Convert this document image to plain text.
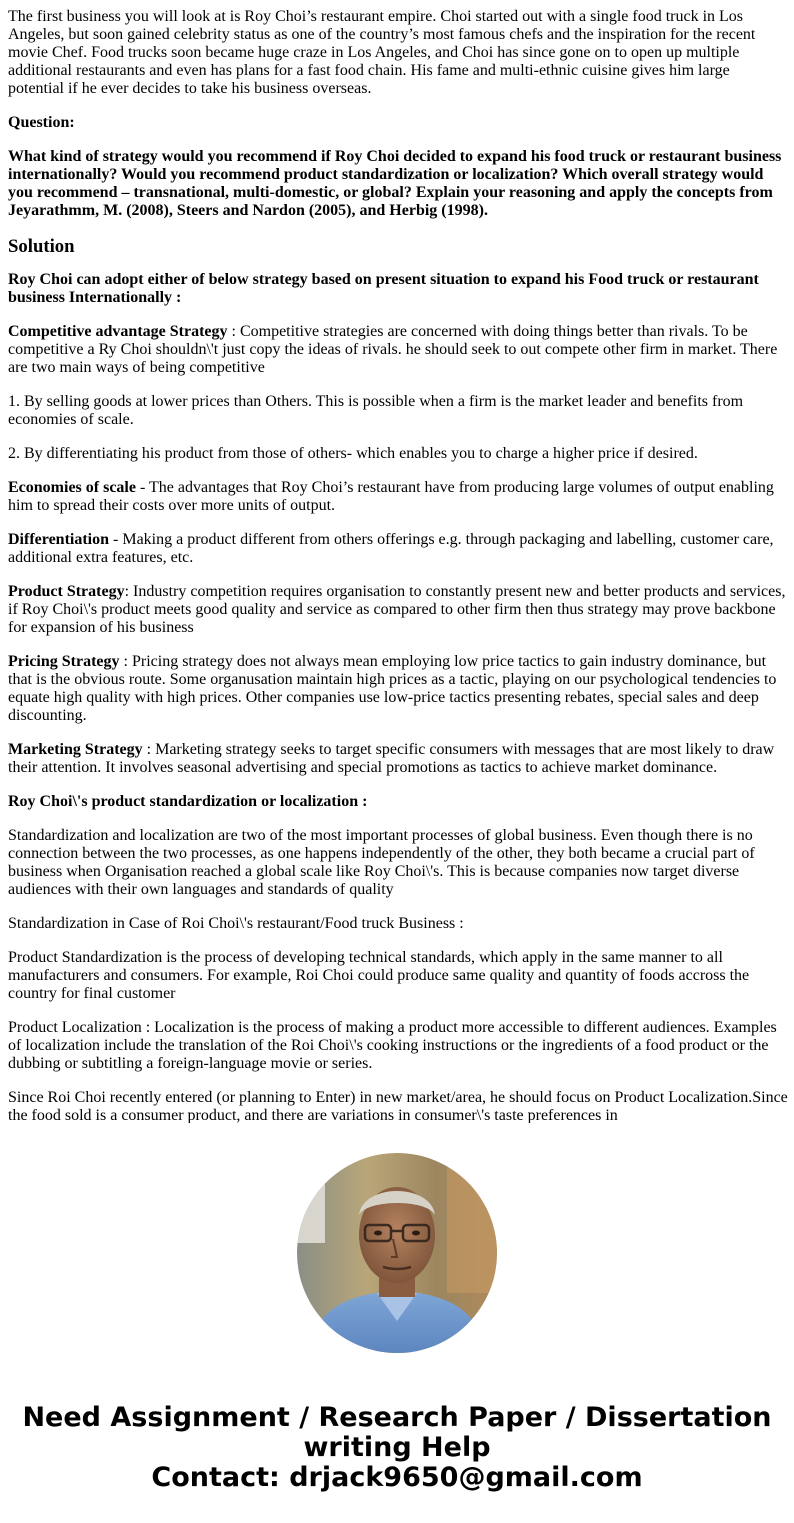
The first business you will look at is Roy Choi’s restaurant empire. Choi started out with a single food truck in Los Angeles, but soon gained celebrity status as one of the country’s most famous chefs and the inspiration for the recent movie Chef. Food trucks soon became huge craze in Los Angeles, and Choi has since gone on to open up multiple additional restaurants and even has plans for a fast food chain. His fame and multi-ethnic cuisine gives him large potential if he ever decides to take his business overseas.

Question:

What kind of strategy would you recommend if Roy Choi decided to expand his food truck or restaurant business internationally? Would you recommend product standardization or localization? Which overall strategy would you recommend – transnational, multi-domestic, or global? Explain your reasoning and apply the concepts from Jeyarathmm, M. (2008), Steers and Nardon (2005), and Herbig (1998).

Solution

Roy Choi can adopt either of below strategy based on present situation to expand his Food truck or restaurant business Internationally :

Competitive advantage Strategy : Competitive strategies are concerned with doing things better than rivals. To be competitive a Ry Choi shouldn\'t just copy the ideas of rivals. he should seek to out compete other firm in market. There are two main ways of being competitive

1. By selling goods at lower prices than Others. This is possible when a firm is the market leader and benefits from economies of scale.

2. By differentiating his product from those of others- which enables you to charge a higher price if desired.

Economies of scale - The advantages that Roy Choi’s restaurant have from producing large volumes of output enabling him to spread their costs over more units of output.

Differentiation - Making a product different from others offerings e.g. through packaging and labelling, customer care, additional extra features, etc.

Product Strategy: Industry competition requires organisation to constantly present new and better products and services, if Roy Choi\'s product meets good quality and service as compared to other firm then thus strategy may prove backbone for expansion of his business

Pricing Strategy : Pricing strategy does not always mean employing low price tactics to gain industry dominance, but that is the obvious route. Some organusation maintain high prices as a tactic, playing on our psychological tendencies to equate high quality with high prices. Other companies use low-price tactics presenting rebates, special sales and deep discounting.

Marketing Strategy : Marketing strategy seeks to target specific consumers with messages that are most likely to draw their attention. It involves seasonal advertising and special promotions as tactics to achieve market dominance.

Roy Choi\'s product standardization or localization :

Standardization and localization are two of the most important processes of global business. Even though there is no connection between the two processes, as one happens independently of the other, they both became a crucial part of business when Organisation reached a global scale like Roy Choi\'s. This is because companies now target diverse audiences with their own languages and standards of quality

Standardization in Case of Roi Choi\'s restaurant/Food truck Business :

Product Standardization is the process of developing technical standards, which apply in the same manner to all manufacturers and consumers. For example, Roi Choi could produce same quality and quantity of foods accross the country for final customer

Product Localization : Localization is the process of making a product more accessible to different audiences. Examples of localization include the translation of the Roi Choi\'s cooking instructions or the ingredients of a food product or the dubbing or subtitling a foreign-language movie or series.

Since Roi Choi recently entered (or planning to Enter) in new market/area, he should focus on Product Localization.Since the food sold is a consumer product, and there are variations in consumer\'s taste preferences in

Need Assignment / Research Paper / Dissertation
writing Help
Contact: drjack9650@gmail.com
